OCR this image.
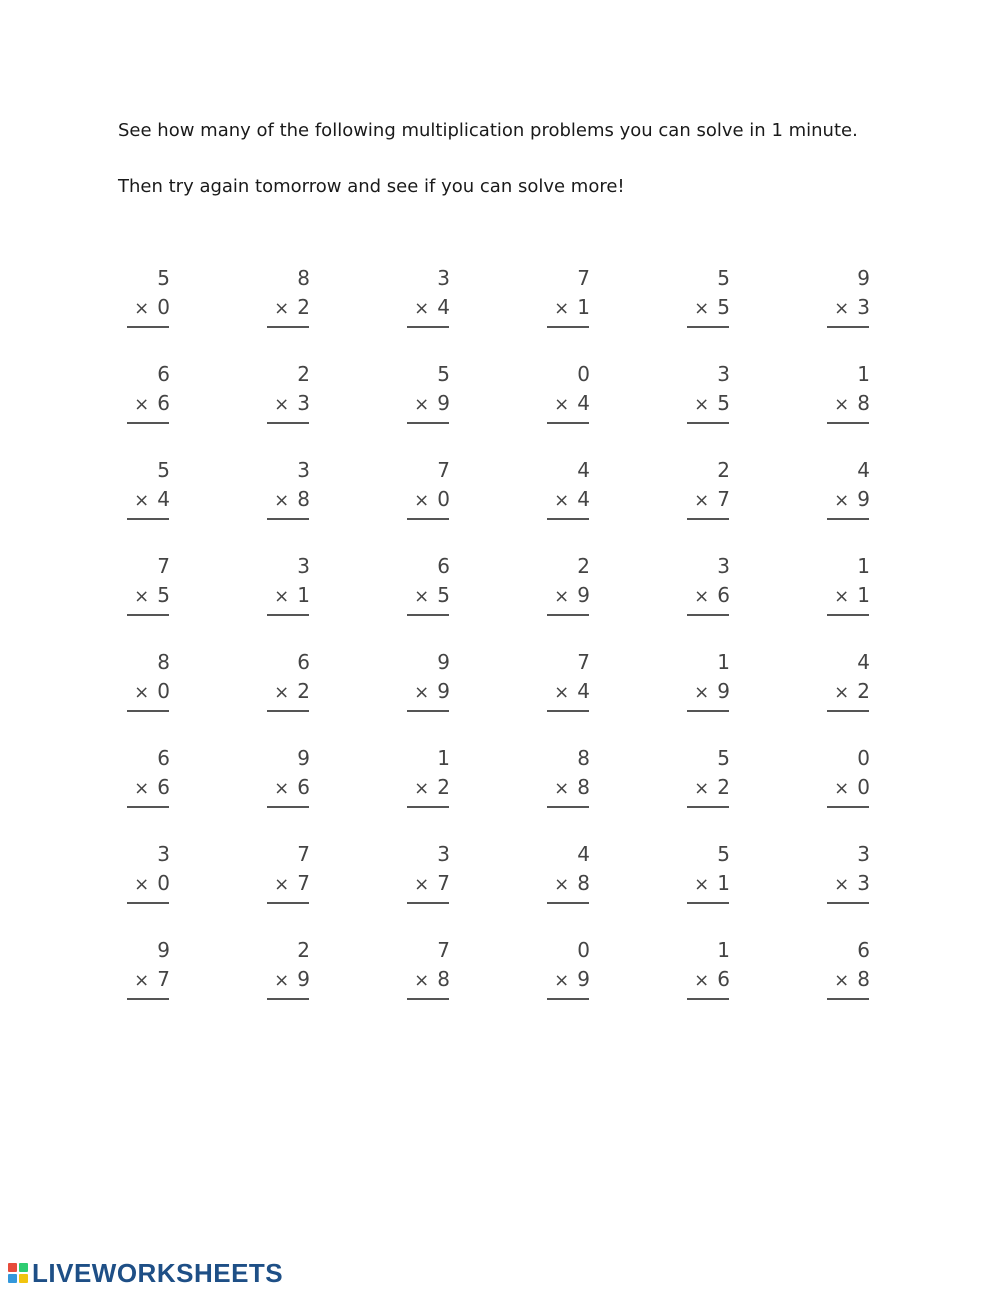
See how many of the following multiplication problems you can solve in 1 minute.

Then try again tomorrow and see if you can solve more!

5
× 0
8
× 2
3
× 4
7
× 1
5
× 5
9
× 3
6
× 6
2
× 3
5
× 9
0
× 4
3
× 5
1
× 8
5
× 4
3
× 8
7
× 0
4
× 4
2
× 7
4
× 9
7
× 5
3
× 1
6
× 5
2
× 9
3
× 6
1
× 1
8
× 0
6
× 2
9
× 9
7
× 4
1
× 9
4
× 2
6
× 6
9
× 6
1
× 2
8
× 8
5
× 2
0
× 0
3
× 0
7
× 7
3
× 7
4
× 8
5
× 1
3
× 3
9
× 7
2
× 9
7
× 8
0
× 9
1
× 6
6
× 8
LIVEWORKSHEETS
